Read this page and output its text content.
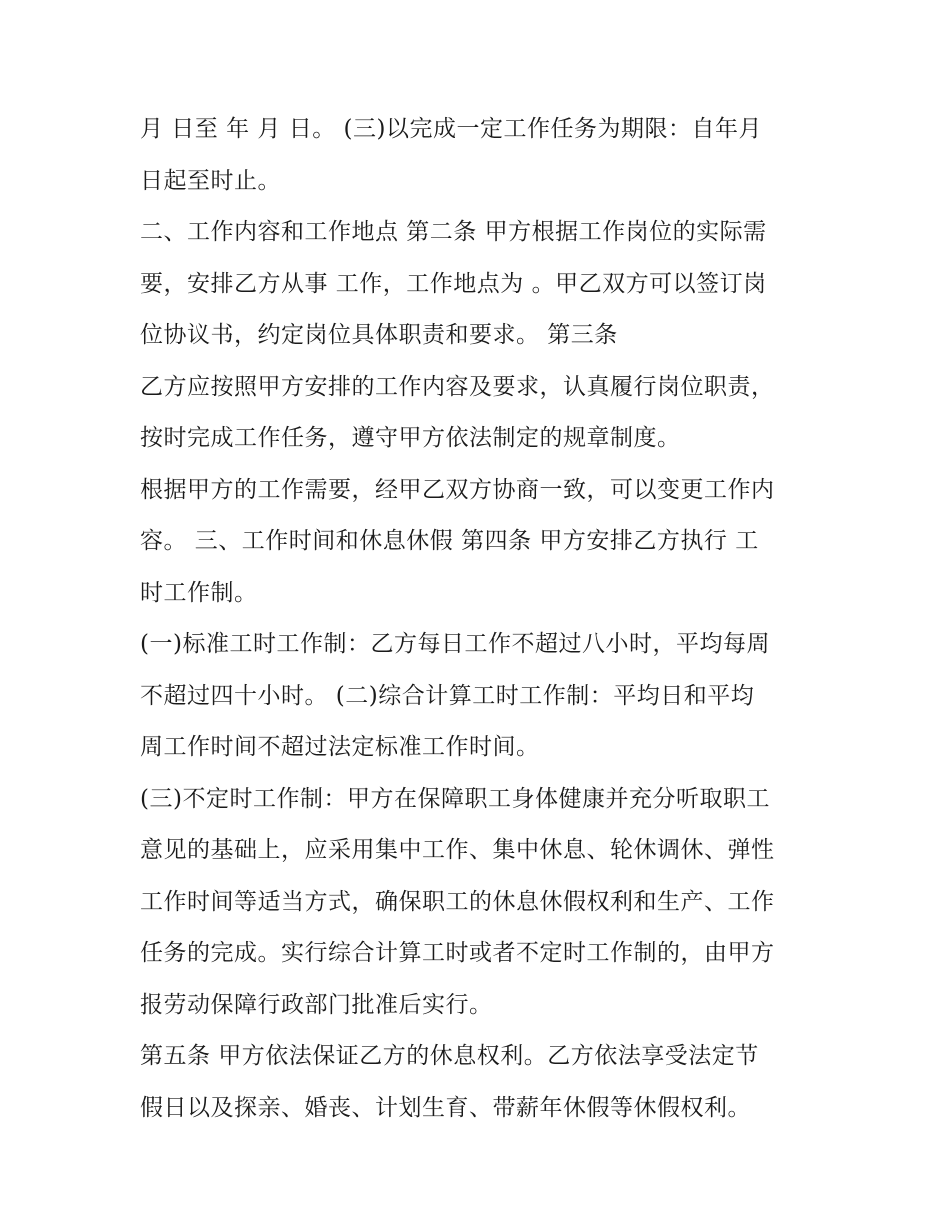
月 日至 年 月 日。 (三)以完成一定工作任务为期限：自年月
日起至时止。
二、工作内容和工作地点 第二条 甲方根据工作岗位的实际需
要，安排乙方从事 工作，工作地点为 。甲乙双方可以签订岗
位协议书，约定岗位具体职责和要求。 第三条
乙方应按照甲方安排的工作内容及要求，认真履行岗位职责，
按时完成工作任务，遵守甲方依法制定的规章制度。
根据甲方的工作需要，经甲乙双方协商一致，可以变更工作内
容。 三、工作时间和休息休假 第四条 甲方安排乙方执行 工
时工作制。
(一)标准工时工作制：乙方每日工作不超过八小时，平均每周
不超过四十小时。 (二)综合计算工时工作制：平均日和平均
周工作时间不超过法定标准工作时间。
(三)不定时工作制：甲方在保障职工身体健康并充分听取职工
意见的基础上，应采用集中工作、集中休息、轮休调休、弹性
工作时间等适当方式，确保职工的休息休假权利和生产、工作
任务的完成。实行综合计算工时或者不定时工作制的，由甲方
报劳动保障行政部门批准后实行。
第五条 甲方依法保证乙方的休息权利。乙方依法享受法定节
假日以及探亲、婚丧、计划生育、带薪年休假等休假权利。
